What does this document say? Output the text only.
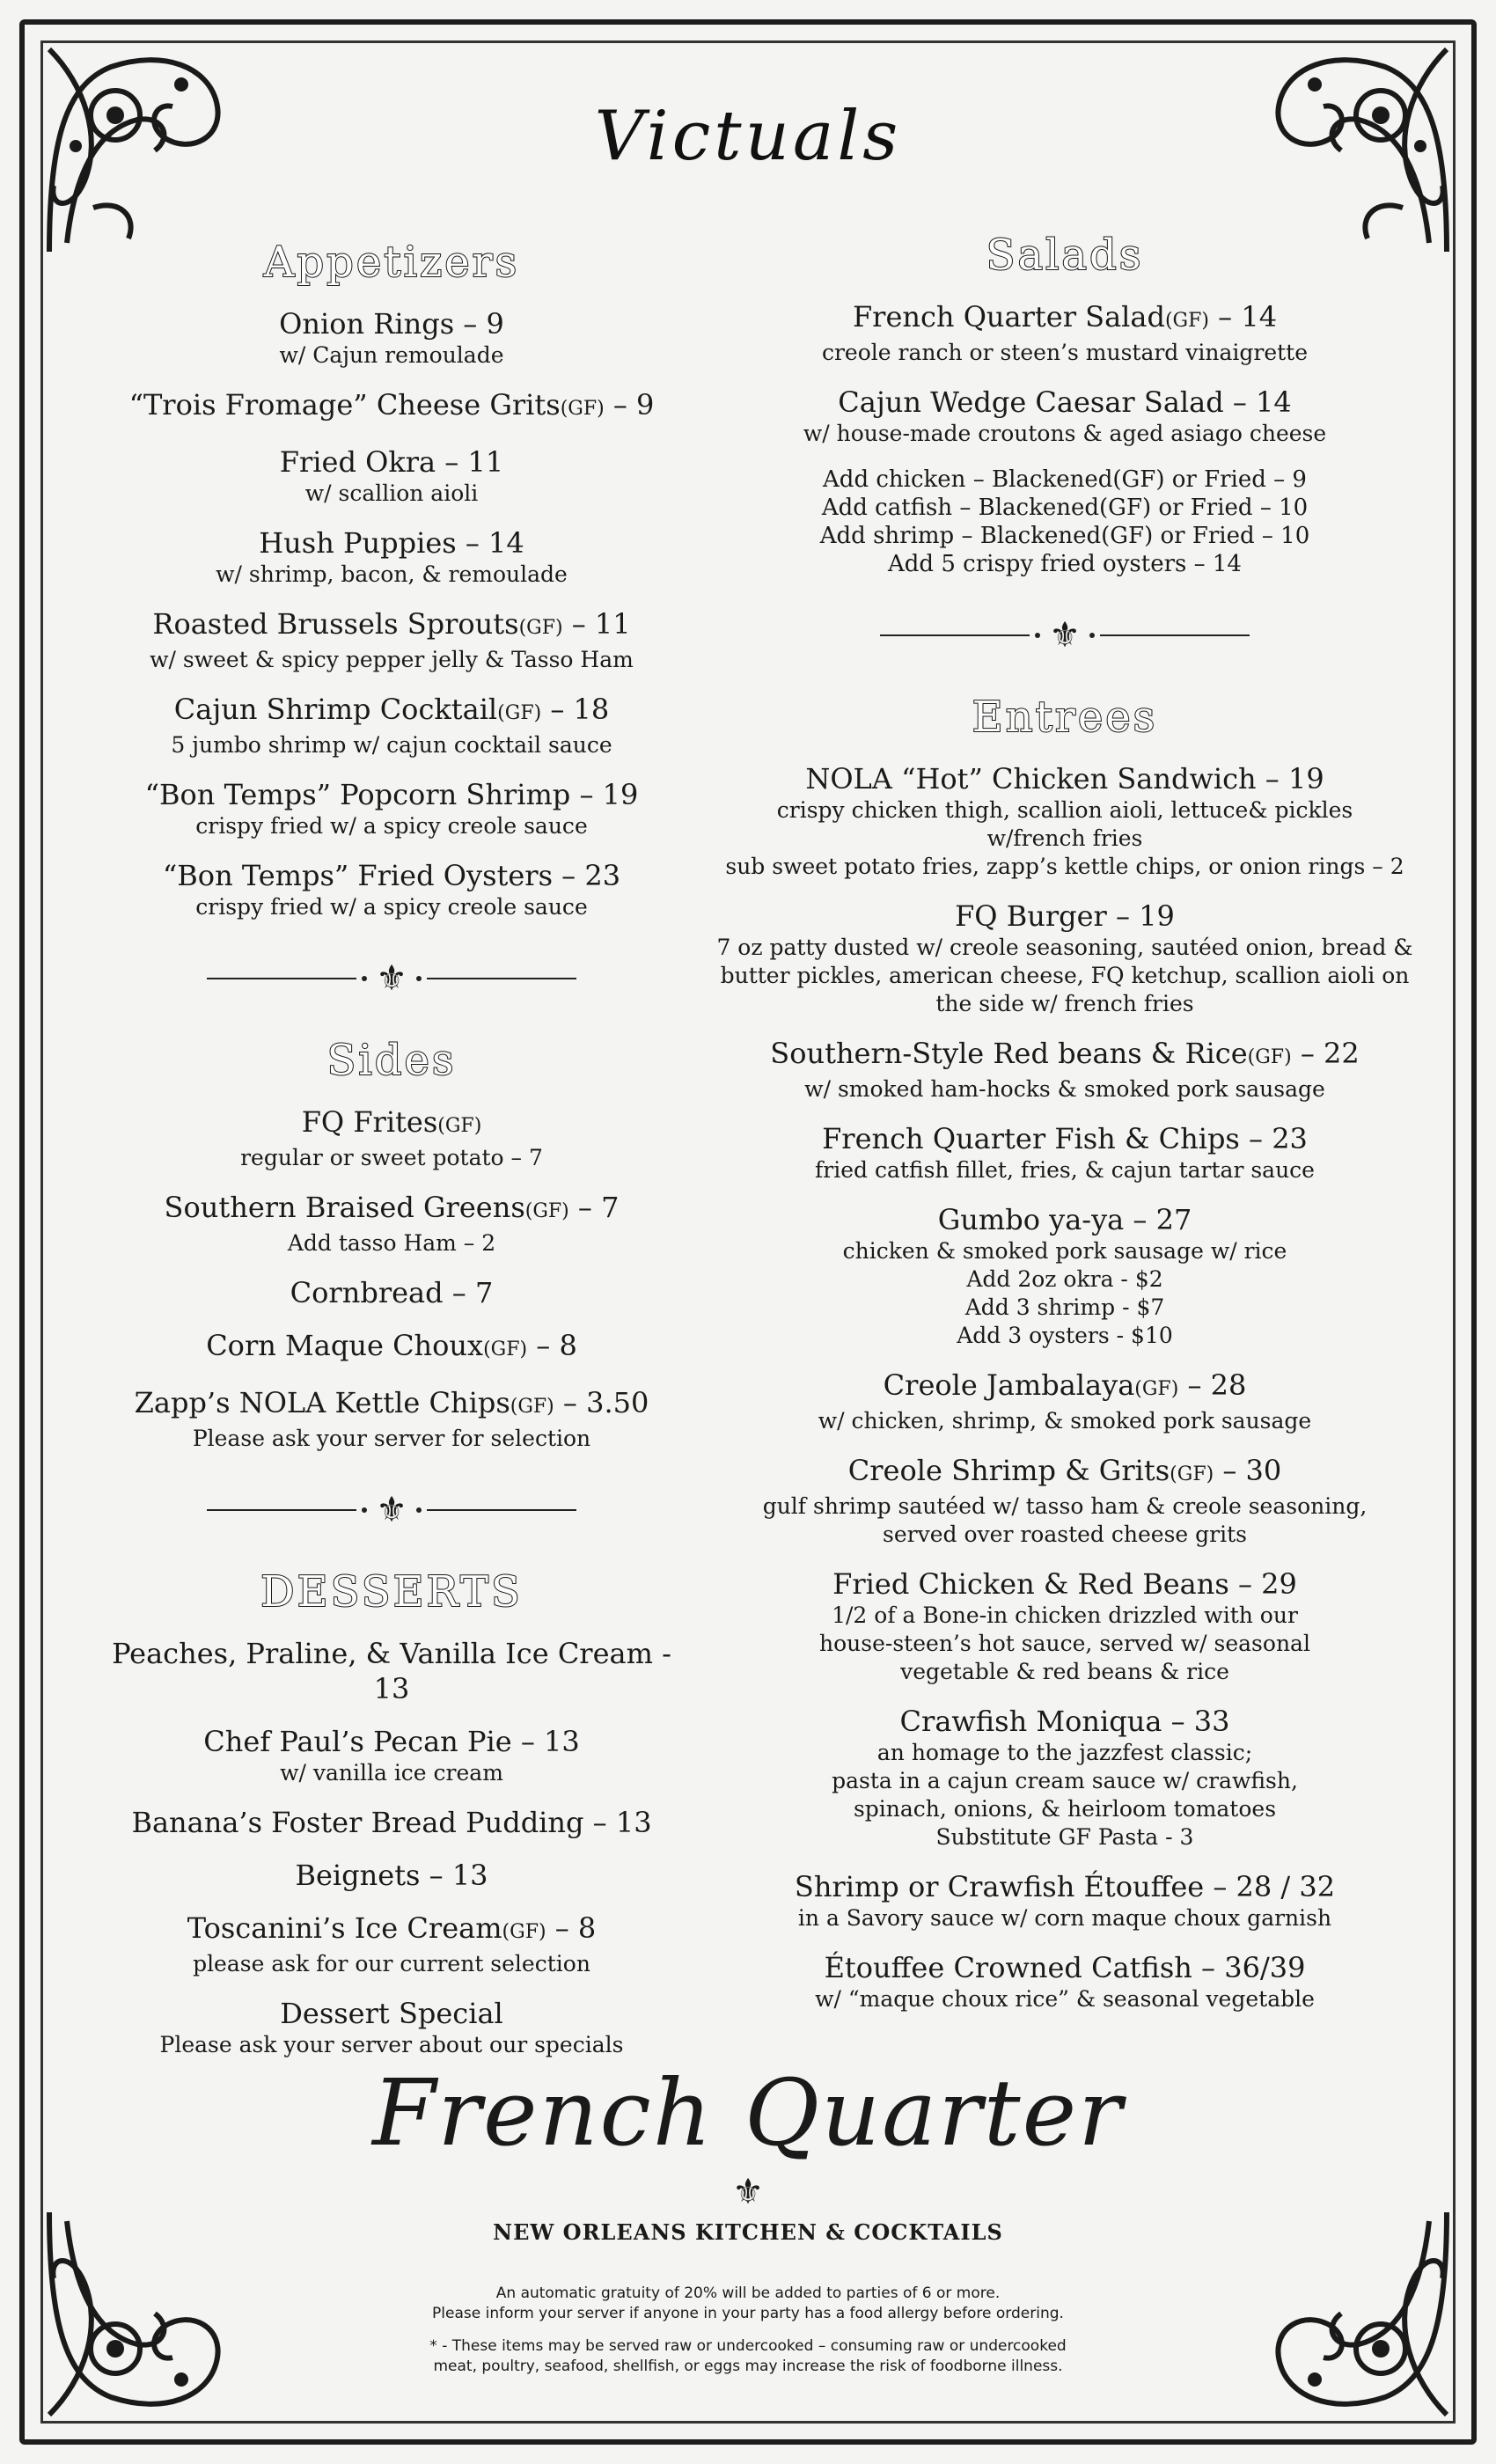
Victuals
Appetizers
Onion Rings – 9
w/ Cajun remoulade
“Trois Fromage” Cheese Grits(GF) – 9
Fried Okra – 11
w/ scallion aioli
Hush Puppies – 14
w/ shrimp, bacon, & remoulade
Roasted Brussels Sprouts(GF) – 11
w/ sweet & spicy pepper jelly & Tasso Ham
Cajun Shrimp Cocktail(GF) – 18
5 jumbo shrimp w/ cajun cocktail sauce
“Bon Temps” Popcorn Shrimp – 19
crispy fried w/ a spicy creole sauce
“Bon Temps” Fried Oysters – 23
crispy fried w/ a spicy creole sauce
⚜
Sides
FQ Frites(GF)
regular or sweet potato – 7
Southern Braised Greens(GF) – 7
Add tasso Ham – 2
Cornbread – 7
Corn Maque Choux(GF) – 8
Zapp’s NOLA Kettle Chips(GF) – 3.50
Please ask your server for selection
⚜
DESSERTS
Peaches, Praline, & Vanilla Ice Cream - 13
Chef Paul’s Pecan Pie – 13
w/ vanilla ice cream
Banana’s Foster Bread Pudding – 13
Beignets – 13
Toscanini’s Ice Cream(GF) – 8
please ask for our current selection
Dessert Special
Please ask your server about our specials
Salads
French Quarter Salad(GF) – 14
creole ranch or steen’s mustard vinaigrette
Cajun Wedge Caesar Salad – 14
w/ house-made croutons & aged asiago cheese
Add chicken – Blackened(GF) or Fried – 9
Add catfish – Blackened(GF) or Fried – 10
Add shrimp – Blackened(GF) or Fried – 10
Add 5 crispy fried oysters – 14
⚜
Entrees
NOLA “Hot” Chicken Sandwich – 19
crispy chicken thigh, scallion aioli, lettuce& pickles
w/french fries
sub sweet potato fries, zapp’s kettle chips, or onion rings – 2
FQ Burger – 19
7 oz patty dusted w/ creole seasoning, sautéed onion, bread &
butter pickles, american cheese, FQ ketchup, scallion aioli on
the side w/ french fries
Southern-Style Red beans & Rice(GF) – 22
w/ smoked ham-hocks & smoked pork sausage
French Quarter Fish & Chips – 23
fried catfish fillet, fries, & cajun tartar sauce
Gumbo ya-ya – 27
chicken & smoked pork sausage w/ rice
Add 2oz okra - $2
Add 3 shrimp - $7
Add 3 oysters - $10
Creole Jambalaya(GF) – 28
w/ chicken, shrimp, & smoked pork sausage
Creole Shrimp & Grits(GF) – 30
gulf shrimp sautéed w/ tasso ham & creole seasoning,
served over roasted cheese grits
Fried Chicken & Red Beans – 29
1/2 of a Bone-in chicken drizzled with our
house-steen’s hot sauce, served w/ seasonal
vegetable & red beans & rice
Crawfish Moniqua – 33
an homage to the jazzfest classic;
pasta in a cajun cream sauce w/ crawfish,
spinach, onions, & heirloom tomatoes
Substitute GF Pasta - 3
Shrimp or Crawfish Étouffee – 28 / 32
in a Savory sauce w/ corn maque choux garnish
Étouffee Crowned Catfish – 36/39
w/ “maque choux rice” & seasonal vegetable
French Quarter
⚜
NEW ORLEANS KITCHEN & COCKTAILS
An automatic gratuity of 20% will be added to parties of 6 or more.
Please inform your server if anyone in your party has a food allergy before ordering.
* - These items may be served raw or undercooked – consuming raw or undercooked
meat, poultry, seafood, shellfish, or eggs may increase the risk of foodborne illness.
